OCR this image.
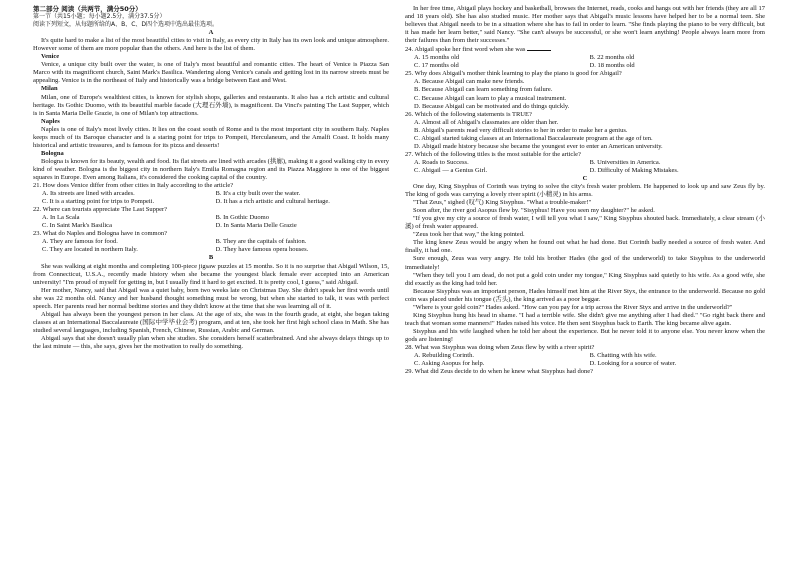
第二部分 阅读（共两节，满分50分）

第一节（共15小题；每小题2.5分，满分37.5分）

阅读下列短文，从每题所给的A、B、C、D四个选项中选出最佳选项。

A

It's quite hard to make a list of the most beautiful cities to visit in Italy, as every city in Italy has its own look and unique atmosphere. However some of them are more popular than the others. And here is the list of them.

Venice

Venice, a unique city built over the water, is one of Italy's most beautiful and romantic cities. The heart of Venice is Piazza San Marco with its magnificent church, Saint Mark's Basilica. Wandering along Venice's canals and getting lost in its narrow streets must be appealing. Venice is in the northeast of Italy and historically was a bridge between East and West.

Milan

Milan, one of Europe's wealthiest cities, is known for stylish shops, galleries and restaurants. It also has a rich artistic and cultural heritage. Its Gothic Duomo, with its beautiful marble facade (大理石外墙), is magnificent. Da Vinci's painting The Last Supper, which is in Santa Maria Delle Grazie, is one of Milan's top attractions.

Naples

Naples is one of Italy's most lively cities. It lies on the coast south of Rome and is the most important city in southern Italy. Naples keeps much of its Baroque character and is a staring point for trips to Pompeii, Herculaneum, and the Amalfi Coast. It holds many historical and artistic treasures, and is famous for its pizza and desserts!

Bologna

Bologna is known for its beauty, wealth and food. Its flat streets are lined with arcades (拱廊), making it a good walking city in every kind of weather. Bologna is the biggest city in northern Italy's Emilia Romagna region and its Piazza Maggiore is one of the biggest squares in Europe. Even among Italians, it's considered the cooking capital of the country.

21. How does Venice differ from other cities in Italy according to the article?

A. Its streets are lined with arcades.	B. It's a city built over the water.
C. It is a starting point for trips to Pompeii.	D. It has a rich artistic and cultural heritage.

22. Where can tourists appreciate The Last Supper?

A. In La Scala	B. In Gothic Duomo
C. In Saint Mark's Basilica	D. In Santa Maria Delle Grazie

23. What do Naples and Bologna have in common?

A. They are famous for food.	B. They are the capitals of fashion.
C. They are located in northern Italy.	D. They have famous opera houses.

B

She was walking at eight months and completing 100-piece jigsaw puzzles at 15 months. So it is no surprise that Abigail Wilson, 15, from Connecticut, U.S.A., recently made history when she became the youngest black female ever accepted into an American university! "I'm proud of myself for getting in, but I usually find it hard to get excited. It is pretty cool, I guess," said Abigail.

Her mother, Nancy, said that Abigail was a quiet baby, born two weeks late on Christmas Day. She didn't speak her first words until she was 22 months old. Nancy and her husband thought something must be wrong, but when she started to talk, it was with perfect speech. Her parents read her normal bedtime stories and they didn't know at the time that she was learning all of it.

Abigail has always been the youngest person in her class. At the age of six, she was in the fourth grade, at eight, she began taking classes at an International Baccalaureate (国际中学毕业会考) program, and at ten, she took her first high school class in Math. She has studied several languages, including Spanish, French, Chinese, Russian, Arabic and German.

Abigail says that she doesn't usually plan when she studies. She considers herself scatterbrained. And she always delays things up to the last minute — this, she says, gives her the motivation to really do something.

In her free time, Abigail plays hockey and basketball, browses the Internet, reads, cooks and hangs out with her friends (they are all 17 and 18 years old). She has also studied music. Her mother says that Abigail's music lessons have helped her to be a normal teen. She believes that Abigail needs to be in a situation where she has to fail in order to learn. "She finds playing the piano to be very difficult, but it has made her learn better," said Nancy. "She can't always be successful, or she won't learn anything! People always learn more from their failures than from their successes."

24. Abigail spoke her first word when she was

A. 15 months old	B. 22 months old
C. 17 months old	D. 18 months old

25. Why does Abigail's mother think learning to play the piano is good for Abigail?

A. Because Abigail can make new friends.

B. Because Abigail can learn something from failure.

C. Because Abigail can learn to play a musical instrument.

D. Because Abigail can be motivated and do things quickly.

26. Which of the following statements is TRUE?

A. Almost all of Abigail's classmates are older than her.

B. Abigail's parents read very difficult stories to her in order to make her a genius.

C. Abigail started taking classes at an International Baccalaureate program at the age of ten.

D. Abigail made history because she became the youngest ever to enter an American university.

27. Which of the following titles is the most suitable for the article?

A. Roads to Success.	B. Universities in America.
C. Abigail — a Genius Girl.	D. Difficulty of Making Mistakes.

C

One day, King Sisyphus of Corinth was trying to solve the city's fresh water problem. He happened to look up and saw Zeus fly by. The king of gods was carrying a lovely river spirit (小精灵) in his arms.

"That Zeus," sighed (叹气) King Sisyphus. "What a trouble-maker!"

Soon after, the river god Asopus flew by. "Sisyphus! Have you seen my daughter?" he asked.

"If you give my city a source of fresh water, I will tell you what I saw," King Sisyphus shouted back. Immediately, a clear stream (小溪) of fresh water appeared.

"Zeus took her that way," the king pointed.

The king knew Zeus would be angry when he found out what he had done. But Corinth badly needed a source of fresh water. And finally, it had one.

Sure enough, Zeus was very angry. He told his brother Hades (the god of the underworld) to take Sisyphus to the underworld immediately!

"When they tell you I am dead, do not put a gold coin under my tongue," King Sisyphus said quietly to his wife. As a good wife, she did exactly as the king had told her.

Because Sisyphus was an important person, Hades himself met him at the River Styx, the entrance to the underworld. Because no gold coin was placed under his tongue (舌头), the king arrived as a poor beggar.

"Where is your gold coin?" Hades asked. "How can you pay for a trip across the River Styx and arrive in the underworld?"

King Sisyphus hung his head in shame. "I had a terrible wife. She didn't give me anything after I had died." "Go right back there and teach that woman some manners!" Hades raised his voice. He then sent Sisyphus back to Earth. The king became alive again.

Sisyphus and his wife laughed when he told her about the experience. But he never told it to anyone else. You never know when the gods are listening!

28. What was Sisyphus was doing when Zeus flew by with a river spirit?

A. Rebuilding Corinth.	B. Chatting with his wife.
C. Asking Asopus for help.	D. Looking for a source of water.

29. What did Zeus decide to do when he knew what Sisyphus had done?
